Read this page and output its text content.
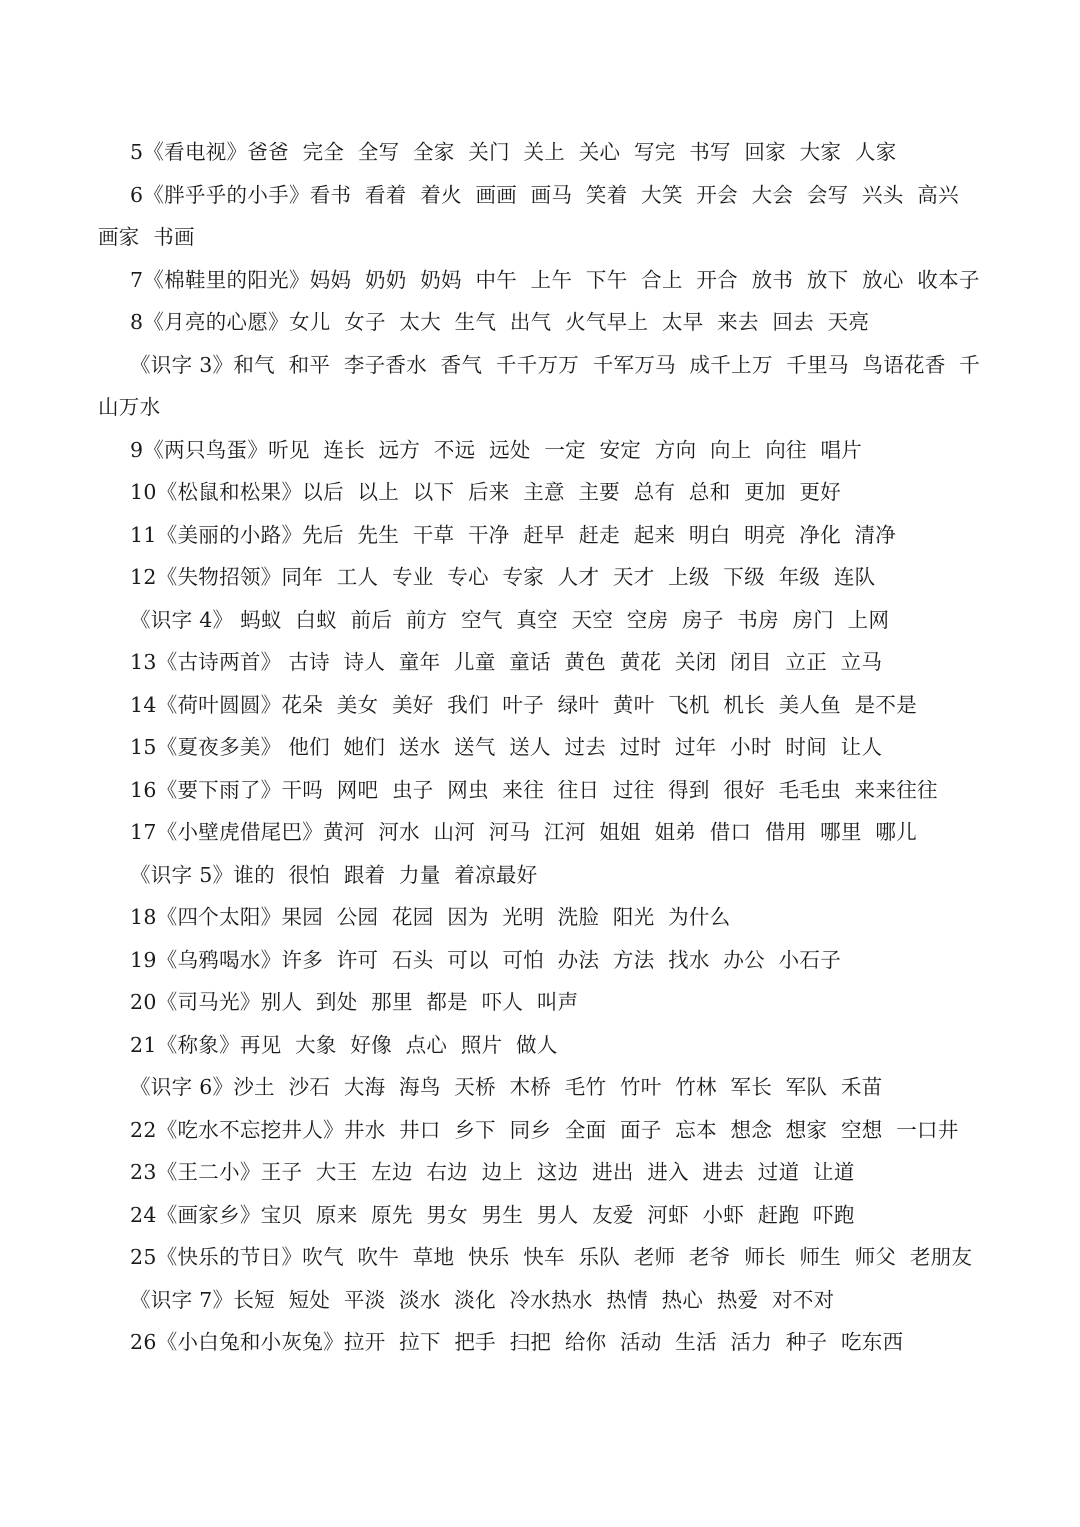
5《看电视》爸爸  完全  全写  全家  关门  关上  关心  写完  书写  回家  大家  人家

6《胖乎乎的小手》看书  看着  着火  画画  画马  笑着  大笑  开会  大会  会写  兴头  高兴  画家  书画

7《棉鞋里的阳光》妈妈  奶奶  奶妈  中午  上午  下午  合上  开合  放书  放下  放心  收本子

8《月亮的心愿》女儿  女子  太大  生气  出气  火气早上  太早  来去  回去  天亮

《识字 3》和气  和平  李子香水  香气  千千万万  千军万马  成千上万  千里马  鸟语花香  千山万水

9《两只鸟蛋》听见  连长  远方  不远  远处  一定  安定  方向  向上  向往  唱片

10《松鼠和松果》以后  以上  以下  后来  主意  主要  总有  总和  更加  更好

11《美丽的小路》先后  先生  干草  干净  赶早  赶走  起来  明白  明亮  净化  清净

12《失物招领》同年  工人  专业  专心  专家  人才  天才  上级  下级  年级  连队

《识字 4》 蚂蚁  白蚁  前后  前方  空气  真空  天空  空房  房子  书房  房门  上网

13《古诗两首》 古诗  诗人  童年  儿童  童话  黄色  黄花  关闭  闭目  立正  立马

14《荷叶圆圆》花朵  美女  美好  我们  叶子  绿叶  黄叶  飞机  机长  美人鱼  是不是

15《夏夜多美》 他们  她们  送水  送气  送人  过去  过时  过年  小时  时间  让人

16《要下雨了》干吗  网吧  虫子  网虫  来往  往日  过往  得到  很好  毛毛虫  来来往往

17《小壁虎借尾巴》黄河  河水  山河  河马  江河  姐姐  姐弟  借口  借用  哪里  哪儿

《识字 5》谁的  很怕  跟着  力量  着凉最好

18《四个太阳》果园  公园  花园  因为  光明  洗脸  阳光  为什么

19《乌鸦喝水》许多  许可  石头  可以  可怕  办法  方法  找水  办公  小石子

20《司马光》别人  到处  那里  都是  吓人  叫声

21《称象》再见  大象  好像  点心  照片  做人

《识字 6》沙土  沙石  大海  海鸟  天桥  木桥  毛竹  竹叶  竹林  军长  军队  禾苗

22《吃水不忘挖井人》井水  井口  乡下  同乡  全面  面子  忘本  想念  想家  空想  一口井

23《王二小》王子  大王  左边  右边  边上  这边  进出  进入  进去  过道  让道

24《画家乡》宝贝  原来  原先  男女  男生  男人  友爱  河虾  小虾  赶跑  吓跑

25《快乐的节日》吹气  吹牛  草地  快乐  快车  乐队  老师  老爷  师长  师生  师父  老朋友

《识字 7》长短  短处  平淡  淡水  淡化  冷水热水  热情  热心  热爱  对不对

26《小白兔和小灰兔》拉开  拉下  把手  扫把  给你  活动  生活  活力  种子  吃东西
